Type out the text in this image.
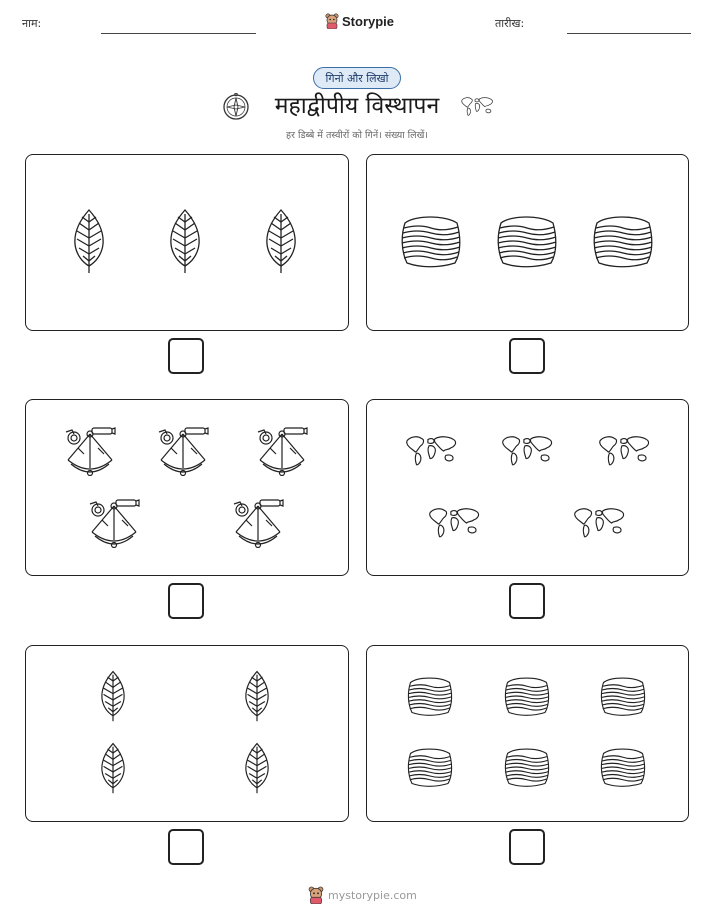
नाम:	Storypie	तारीख:
गिनो और लिखो
महाद्वीपीय विस्थापन
हर डिब्बे में तस्वीरों को गिनें। संख्या लिखें।
mystorypie.com
